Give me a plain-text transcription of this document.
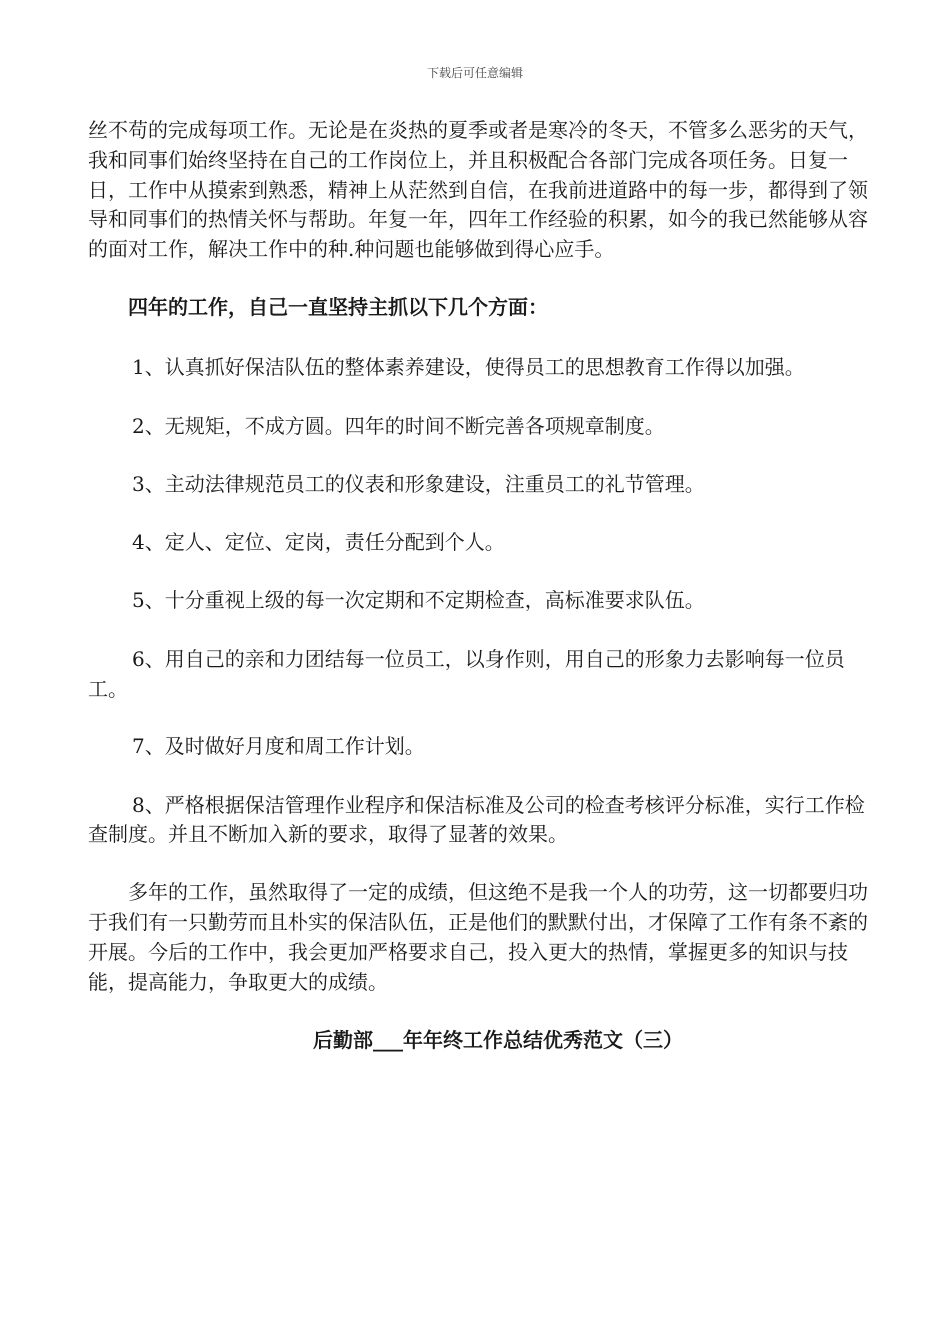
下载后可任意编辑

丝不苟的完成每项工作。无论是在炎热的夏季或者是寒冷的冬天，不管多么恶劣的天气，我和同事们始终坚持在自己的工作岗位上，并且积极配合各部门完成各项任务。日复一日，工作中从摸索到熟悉，精神上从茫然到自信，在我前进道路中的每一步，都得到了领导和同事们的热情关怀与帮助。年复一年，四年工作经验的积累，如今的我已然能够从容的面对工作，解决工作中的种.种问题也能够做到得心应手。

四年的工作，自己一直坚持主抓以下几个方面：

1、认真抓好保洁队伍的整体素养建设，使得员工的思想教育工作得以加强。

2、无规矩，不成方圆。四年的时间不断完善各项规章制度。

3、主动法律规范员工的仪表和形象建设，注重员工的礼节管理。

4、定人、定位、定岗，责任分配到个人。

5、十分重视上级的每一次定期和不定期检查，高标准要求队伍。

6、用自己的亲和力团结每一位员工，以身作则，用自己的形象力去影响每一位员工。

7、及时做好月度和周工作计划。

8、严格根据保洁管理作业程序和保洁标准及公司的检查考核评分标准，实行工作检查制度。并且不断加入新的要求，取得了显著的效果。

多年的工作，虽然取得了一定的成绩，但这绝不是我一个人的功劳，这一切都要归功于我们有一只勤劳而且朴实的保洁队伍，正是他们的默默付出，才保障了工作有条不紊的开展。今后的工作中，我会更加严格要求自己，投入更大的热情，掌握更多的知识与技能，提高能力，争取更大的成绩。

后勤部___年年终工作总结优秀范文（三）
